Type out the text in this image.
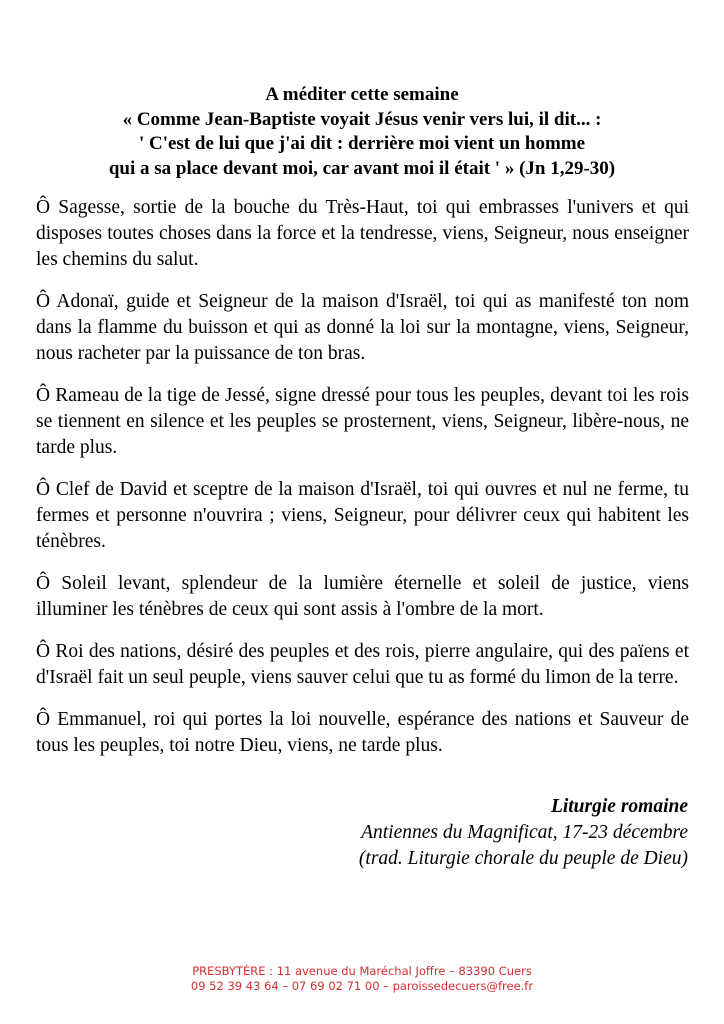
A méditer cette semaine
« Comme Jean-Baptiste voyait Jésus venir vers lui, il dit... :
' C'est de lui que j'ai dit : derrière moi vient un homme
qui a sa place devant moi, car avant moi il était ' » (Jn 1,29-30)

Ô Sagesse, sortie de la bouche du Très-Haut, toi qui embrasses l'univers et qui disposes toutes choses dans la force et la tendresse, viens, Seigneur, nous enseigner les chemins du salut.

Ô Adonaï, guide et Seigneur de la maison d'Israël, toi qui as manifesté ton nom dans la flamme du buisson et qui as donné la loi sur la montagne, viens, Seigneur, nous racheter par la puissance de ton bras.

Ô Rameau de la tige de Jessé, signe dressé pour tous les peuples, devant toi les rois se tiennent en silence et les peuples se prosternent, viens, Seigneur, libère-nous, ne tarde plus.

Ô Clef de David et sceptre de la maison d'Israël, toi qui ouvres et nul ne ferme, tu fermes et personne n'ouvrira ; viens, Seigneur, pour délivrer ceux qui habitent les ténèbres.

Ô Soleil levant, splendeur de la lumière éternelle et soleil de justice, viens illuminer les ténèbres de ceux qui sont assis à l'ombre de la mort.

Ô Roi des nations, désiré des peuples et des rois, pierre angulaire, qui des païens et d'Israël fait un seul peuple, viens sauver celui que tu as formé du limon de la terre.

Ô Emmanuel, roi qui portes la loi nouvelle, espérance des nations et Sauveur de tous les peuples, toi notre Dieu, viens, ne tarde plus.

Liturgie romaine
Antiennes du Magnificat, 17-23 décembre
(trad. Liturgie chorale du peuple de Dieu)
PRESBYTÈRE : 11 avenue du Maréchal Joffre – 83390 Cuers
09 52 39 43 64 – 07 69 02 71 00 – paroissedecuers@free.fr
